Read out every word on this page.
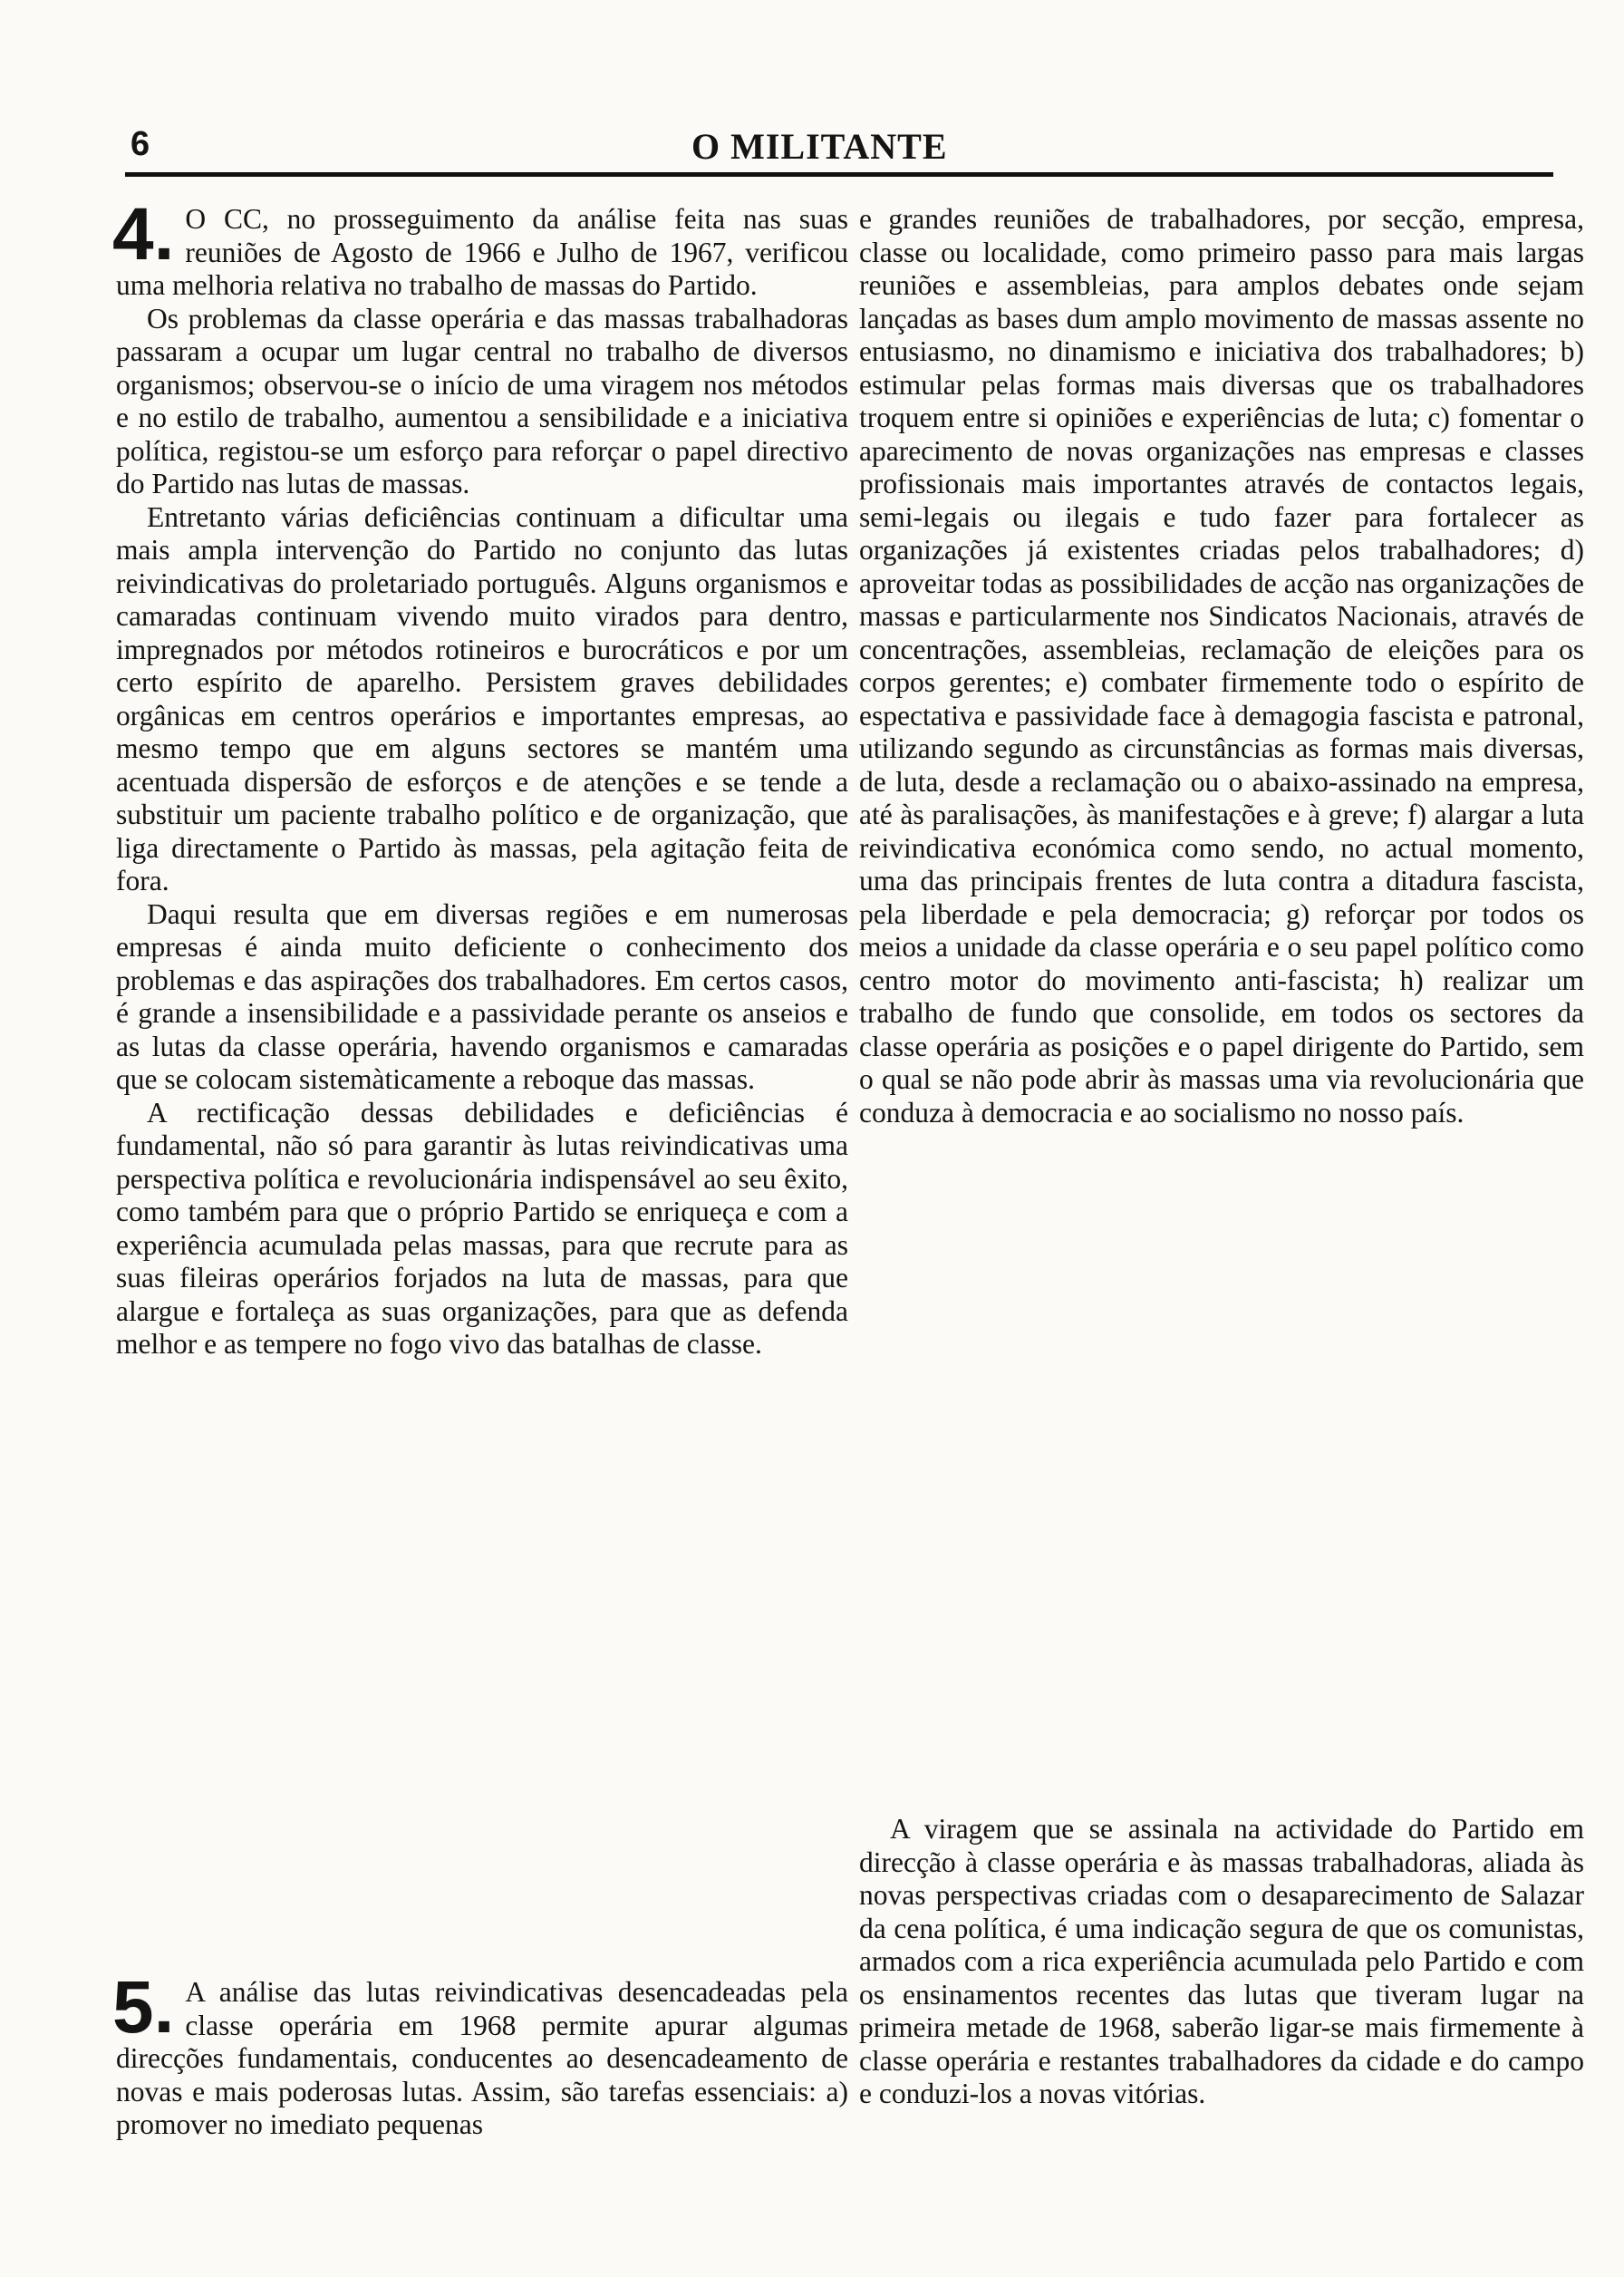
6	O MILITANTE
4. O CC, no prosseguimento da análise feita nas suas reuniões de Agosto de 1966 e Julho de 1967, verificou uma melhoria relativa no trabalho de massas do Partido.

Os problemas da classe operária e das massas trabalhadoras passaram a ocupar um lugar central no trabalho de diversos organismos; observou-se o início de uma viragem nos métodos e no estilo de trabalho, aumentou a sensibilidade e a iniciativa política, registou-se um esforço para reforçar o papel directivo do Partido nas lutas de massas.

Entretanto várias deficiências continuam a dificultar uma mais ampla intervenção do Partido no conjunto das lutas reivindicativas do proletariado português. Alguns organismos e camaradas continuam vivendo muito virados para dentro, impregnados por métodos rotineiros e burocráticos e por um certo espírito de aparelho. Persistem graves debilidades orgânicas em centros operários e importantes empresas, ao mesmo tempo que em alguns sectores se mantém uma acentuada dispersão de esforços e de atenções e se tende a substituir um paciente trabalho político e de organização, que liga directamente o Partido às massas, pela agitação feita de fora.

Daqui resulta que em diversas regiões e em numerosas empresas é ainda muito deficiente o conhecimento dos problemas e das aspirações dos trabalhadores. Em certos casos, é grande a insensibilidade e a passividade perante os anseios e as lutas da classe operária, havendo organismos e camaradas que se colocam sistemàticamente a reboque das massas.

A rectificação dessas debilidades e deficiências é fundamental, não só para garantir às lutas reivindicativas uma perspectiva política e revolucionária indispensável ao seu êxito, como também para que o próprio Partido se enriqueça e com a experiência acumulada pelas massas, para que recrute para as suas fileiras operários forjados na luta de massas, para que alargue e fortaleça as suas organizações, para que as defenda melhor e as tempere no fogo vivo das batalhas de classe.

5. A análise das lutas reivindicativas desencadeadas pela classe operária em 1968 permite apurar algumas direcções fundamentais, conducentes ao desencadeamento de novas e mais poderosas lutas. Assim, são tarefas essenciais: a) promover no imediato pequenas

e grandes reuniões de trabalhadores, por secção, empresa, classe ou localidade, como primeiro passo para mais largas reuniões e assembleias, para amplos debates onde sejam lançadas as bases dum amplo movimento de massas assente no entusiasmo, no dinamismo e iniciativa dos trabalhadores; b) estimular pelas formas mais diversas que os trabalhadores troquem entre si opiniões e experiências de luta; c) fomentar o aparecimento de novas organizações nas empresas e classes profissionais mais importantes através de contactos legais, semi-legais ou ilegais e tudo fazer para fortalecer as organizações já existentes criadas pelos trabalhadores; d) aproveitar todas as possibilidades de acção nas organizações de massas e particularmente nos Sindicatos Nacionais, através de concentrações, assembleias, reclamação de eleições para os corpos gerentes; e) combater firmemente todo o espírito de espectativa e passividade face à demagogia fascista e patronal, utilizando segundo as circunstâncias as formas mais diversas, de luta, desde a reclamação ou o abaixo-assinado na empresa, até às paralisações, às manifestações e à greve; f) alargar a luta reivindicativa económica como sendo, no actual momento, uma das principais frentes de luta contra a ditadura fascista, pela liberdade e pela democracia; g) reforçar por todos os meios a unidade da classe operária e o seu papel político como centro motor do movimento anti-fascista; h) realizar um trabalho de fundo que consolide, em todos os sectores da classe operária as posições e o papel dirigente do Partido, sem o qual se não pode abrir às massas uma via revolucionária que conduza à democracia e ao socialismo no nosso país.

A viragem que se assinala na actividade do Partido em direcção à classe operária e às massas trabalhadoras, aliada às novas perspectivas criadas com o desaparecimento de Salazar da cena política, é uma indicação segura de que os comunistas, armados com a rica experiência acumulada pelo Partido e com os ensinamentos recentes das lutas que tiveram lugar na primeira metade de 1968, saberão ligar-se mais firmemente à classe operária e restantes trabalhadores da cidade e do campo e conduzi-los a novas vitórias.
